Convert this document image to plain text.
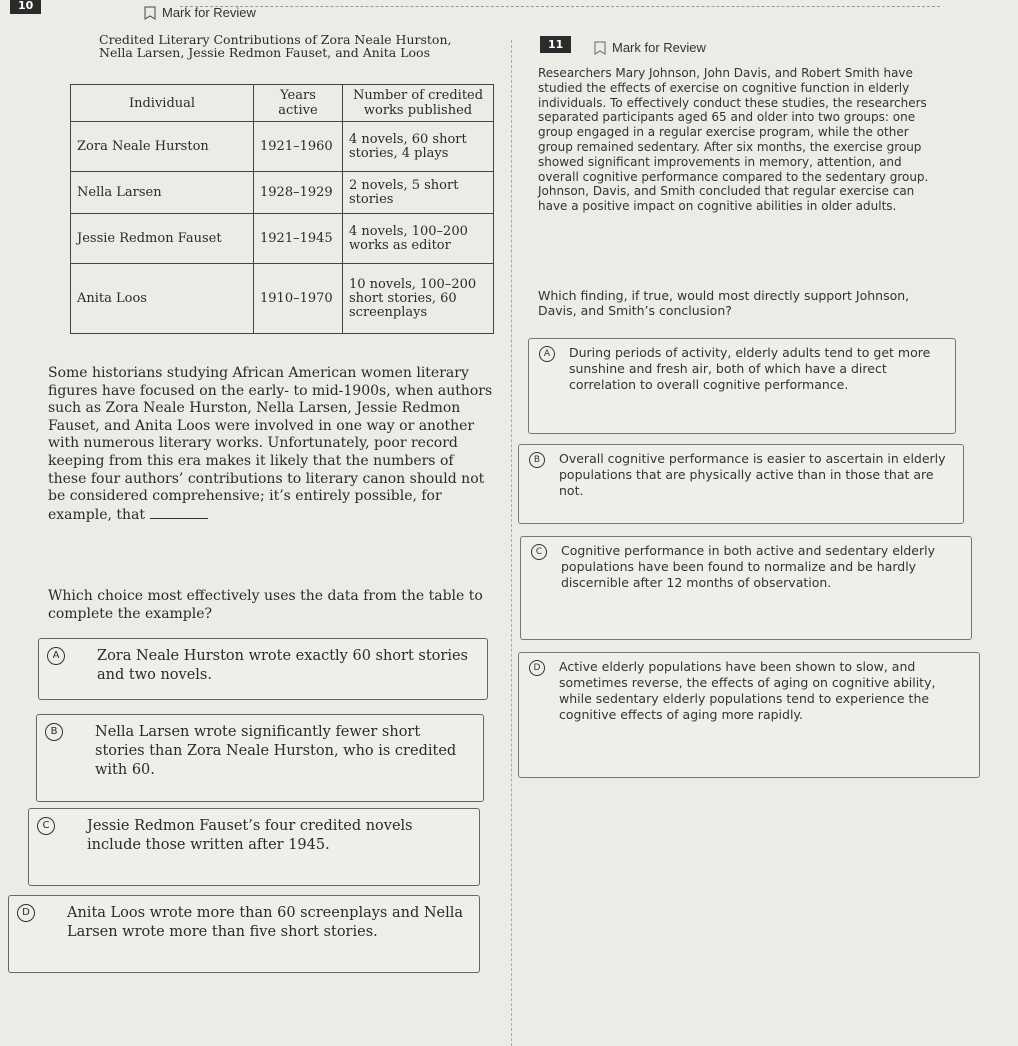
10	Mark for Review
Credited Literary Contributions of Zora Neale Hurston,
Nella Larsen, Jessie Redmon Fauset, and Anita Loos
Individual	Years active	Number of credited works published
Zora Neale Hurston	1921–1960	4 novels, 60 short stories, 4 plays
Nella Larsen	1928–1929	2 novels, 5 short stories
Jessie Redmon Fauset	1921–1945	4 novels, 100–200 works as editor
Anita Loos	1910–1970	10 novels, 100–200 short stories, 60 screenplays
Some historians studying African American women literary figures have focused on the early- to mid-1900s, when authors such as Zora Neale Hurston, Nella Larsen, Jessie Redmon Fauset, and Anita Loos were involved in one way or another with numerous literary works. Unfortunately, poor record keeping from this era makes it likely that the numbers of these four authors’ contributions to literary canon should not be considered comprehensive; it’s entirely possible, for example, that
Which choice most effectively uses the data from the table to complete the example?
A	Zora Neale Hurston wrote exactly 60 short stories and two novels.
B	Nella Larsen wrote significantly fewer short stories than Zora Neale Hurston, who is credited with 60.
C	Jessie Redmon Fauset’s four credited novels include those written after 1945.
D	Anita Loos wrote more than 60 screenplays and Nella Larsen wrote more than five short stories.
11	Mark for Review
Researchers Mary Johnson, John Davis, and Robert Smith have studied the effects of exercise on cognitive function in elderly individuals. To effectively conduct these studies, the researchers separated participants aged 65 and older into two groups: one group engaged in a regular exercise program, while the other group remained sedentary. After six months, the exercise group showed significant improvements in memory, attention, and overall cognitive performance compared to the sedentary group. Johnson, Davis, and Smith concluded that regular exercise can have a positive impact on cognitive abilities in older adults.
Which finding, if true, would most directly support Johnson, Davis, and Smith’s conclusion?
A	During periods of activity, elderly adults tend to get more sunshine and fresh air, both of which have a direct correlation to overall cognitive performance.
B	Overall cognitive performance is easier to ascertain in elderly populations that are physically active than in those that are not.
C	Cognitive performance in both active and sedentary elderly populations have been found to normalize and be hardly discernible after 12 months of observation.
D	Active elderly populations have been shown to slow, and sometimes reverse, the effects of aging on cognitive ability, while sedentary elderly populations tend to experience the cognitive effects of aging more rapidly.
